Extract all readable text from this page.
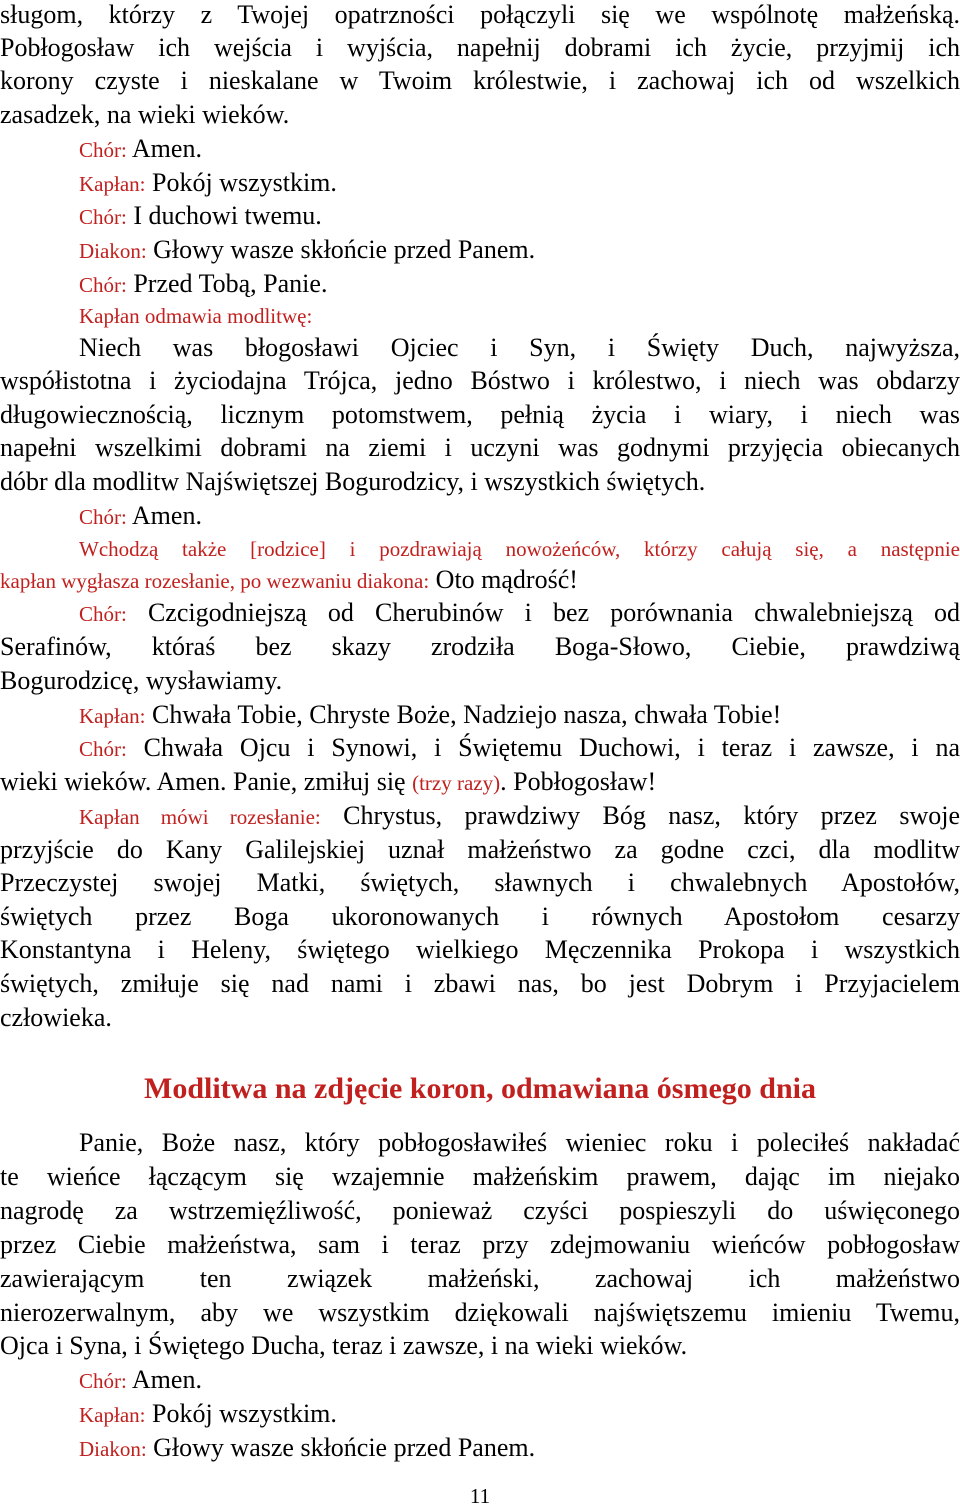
sługom, którzy z Twojej opatrzności połączyli się we wspólnotę małżeńską.
Pobłogosław ich wejścia i wyjścia, napełnij dobrami ich życie, przyjmij ich
korony czyste i nieskalane w Twoim królestwie, i zachowaj ich od wszelkich
zasadzek, na wieki wieków.
Chór: Amen.
Kapłan: Pokój wszystkim.
Chór: I duchowi twemu.
Diakon: Głowy wasze skłońcie przed Panem.
Chór: Przed Tobą, Panie.
Kapłan odmawia modlitwę:
Niech was błogosławi Ojciec i Syn, i Święty Duch, najwyższa,
współistotna i życiodajna Trójca, jedno Bóstwo i królestwo, i niech was obdarzy
długowiecznością, licznym potomstwem, pełnią życia i wiary, i niech was
napełni wszelkimi dobrami na ziemi i uczyni was godnymi przyjęcia obiecanych
dóbr dla modlitw Najświętszej Bogurodzicy, i wszystkich świętych.
Chór: Amen.
Wchodzą także [rodzice] i pozdrawiają nowożeńców, którzy całują się, a następnie
kapłan wygłasza rozesłanie, po wezwaniu diakona: Oto mądrość!
Chór: Czcigodniejszą od Cherubinów i bez porównania chwalebniejszą od
Serafinów, któraś bez skazy zrodziła Boga-Słowo, Ciebie, prawdziwą
Bogurodzicę, wysławiamy.
Kapłan: Chwała Tobie, Chryste Boże, Nadziejo nasza, chwała Tobie!
Chór: Chwała Ojcu i Synowi, i Świętemu Duchowi, i teraz i zawsze, i na
wieki wieków. Amen. Panie, zmiłuj się (trzy razy). Pobłogosław!
Kapłan mówi rozesłanie: Chrystus, prawdziwy Bóg nasz, który przez swoje
przyjście do Kany Galilejskiej uznał małżeństwo za godne czci, dla modlitw
Przeczystej swojej Matki, świętych, sławnych i chwalebnych Apostołów,
świętych przez Boga ukoronowanych i równych Apostołom cesarzy
Konstantyna i Heleny, świętego wielkiego Męczennika Prokopa i wszystkich
świętych, zmiłuje się nad nami i zbawi nas, bo jest Dobrym i Przyjacielem
człowieka.
Modlitwa na zdjęcie koron, odmawiana ósmego dnia
Panie, Boże nasz, który pobłogosławiłeś wieniec roku i poleciłeś nakładać
te wieńce łączącym się wzajemnie małżeńskim prawem, dając im niejako
nagrodę za wstrzemięźliwość, ponieważ czyści pospieszyli do uświęconego
przez Ciebie małżeństwa, sam i teraz przy zdejmowaniu wieńców pobłogosław
zawierającym ten związek małżeński, zachowaj ich małżeństwo
nierozerwalnym, aby we wszystkim dziękowali najświętszemu imieniu Twemu,
Ojca i Syna, i Świętego Ducha, teraz i zawsze, i na wieki wieków.
Chór: Amen.
Kapłan: Pokój wszystkim.
Diakon: Głowy wasze skłońcie przed Panem.
11
